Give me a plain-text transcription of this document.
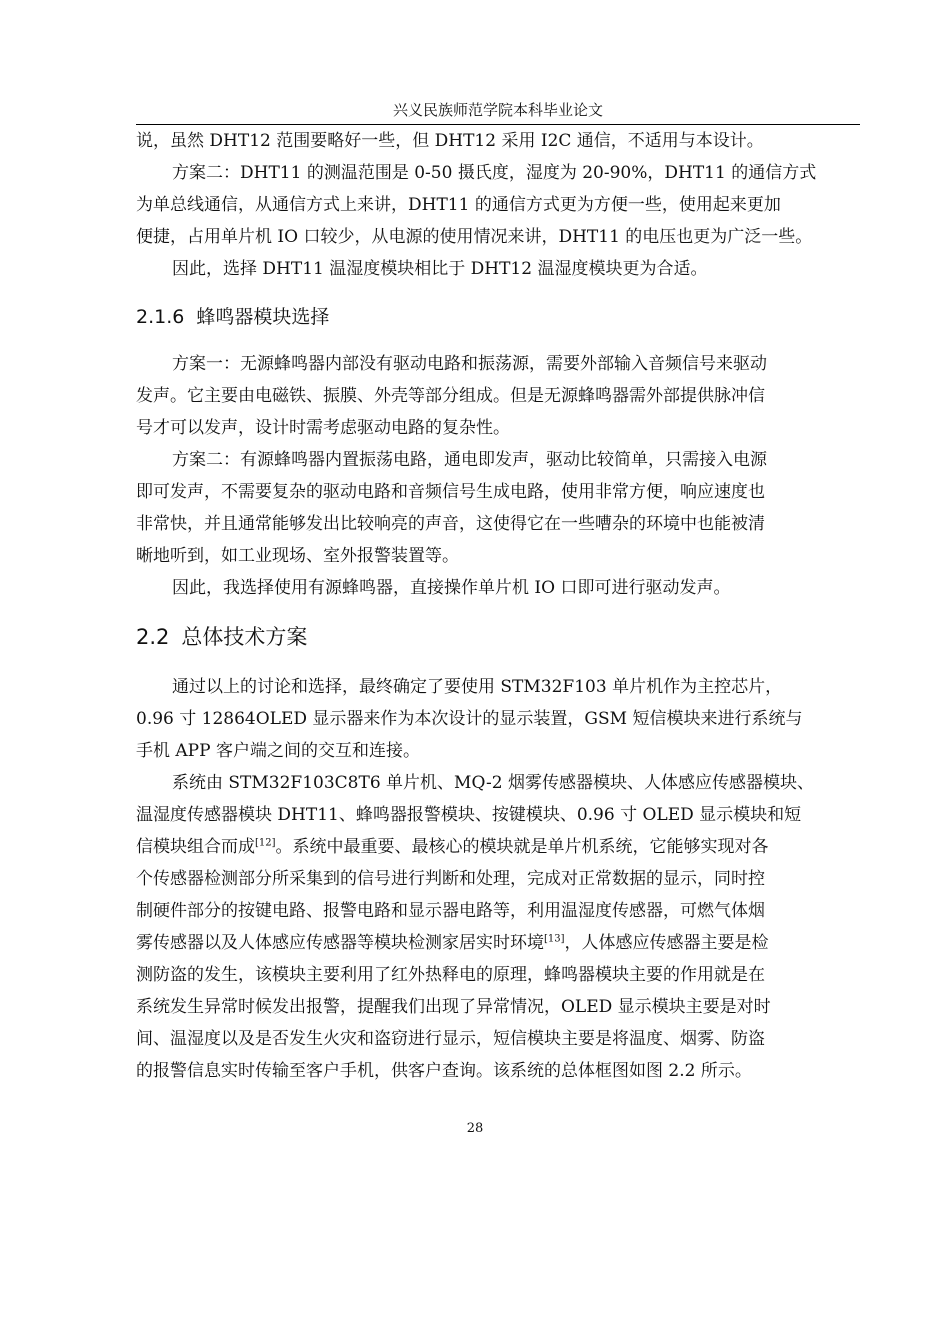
兴义民族师范学院本科毕业论文
说，虽然 DHT12 范围要略好一些，但 DHT12 采用 I2C 通信，不适用与本设计。
方案二：DHT11 的测温范围是 0-50 摄氏度，湿度为 20-90%，DHT11 的通信方式
为单总线通信，从通信方式上来讲，DHT11 的通信方式更为方便一些，使用起来更加
便捷，占用单片机 IO 口较少，从电源的使用情况来讲，DHT11 的电压也更为广泛一些。
因此，选择 DHT11 温湿度模块相比于 DHT12 温湿度模块更为合适。
2.1.6 蜂鸣器模块选择
方案一：无源蜂鸣器内部没有驱动电路和振荡源，需要外部输入音频信号来驱动
发声。它主要由电磁铁、振膜、外壳等部分组成。但是无源蜂鸣器需外部提供脉冲信
号才可以发声，设计时需考虑驱动电路的复杂性。
方案二：有源蜂鸣器内置振荡电路，通电即发声，驱动比较简单，只需接入电源
即可发声，不需要复杂的驱动电路和音频信号生成电路，使用非常方便，响应速度也
非常快，并且通常能够发出比较响亮的声音，这使得它在一些嘈杂的环境中也能被清
晰地听到，如工业现场、室外报警装置等。
因此，我选择使用有源蜂鸣器，直接操作单片机 IO 口即可进行驱动发声。
2.2 总体技术方案
通过以上的讨论和选择，最终确定了要使用 STM32F103 单片机作为主控芯片，
0.96 寸 12864OLED 显示器来作为本次设计的显示装置，GSM 短信模块来进行系统与
手机 APP 客户端之间的交互和连接。
系统由 STM32F103C8T6 单片机、MQ-2 烟雾传感器模块、人体感应传感器模块、
温湿度传感器模块 DHT11、蜂鸣器报警模块、按键模块、0.96 寸 OLED 显示模块和短
信模块组合而成[12]。系统中最重要、最核心的模块就是单片机系统，它能够实现对各
个传感器检测部分所采集到的信号进行判断和处理，完成对正常数据的显示，同时控
制硬件部分的按键电路、报警电路和显示器电路等，利用温湿度传感器，可燃气体烟
雾传感器以及人体感应传感器等模块检测家居实时环境[13]，人体感应传感器主要是检
测防盗的发生，该模块主要利用了红外热释电的原理，蜂鸣器模块主要的作用就是在
系统发生异常时候发出报警，提醒我们出现了异常情况，OLED 显示模块主要是对时
间、温湿度以及是否发生火灾和盗窃进行显示，短信模块主要是将温度、烟雾、防盗
的报警信息实时传输至客户手机，供客户查询。该系统的总体框图如图 2.2 所示。
28
